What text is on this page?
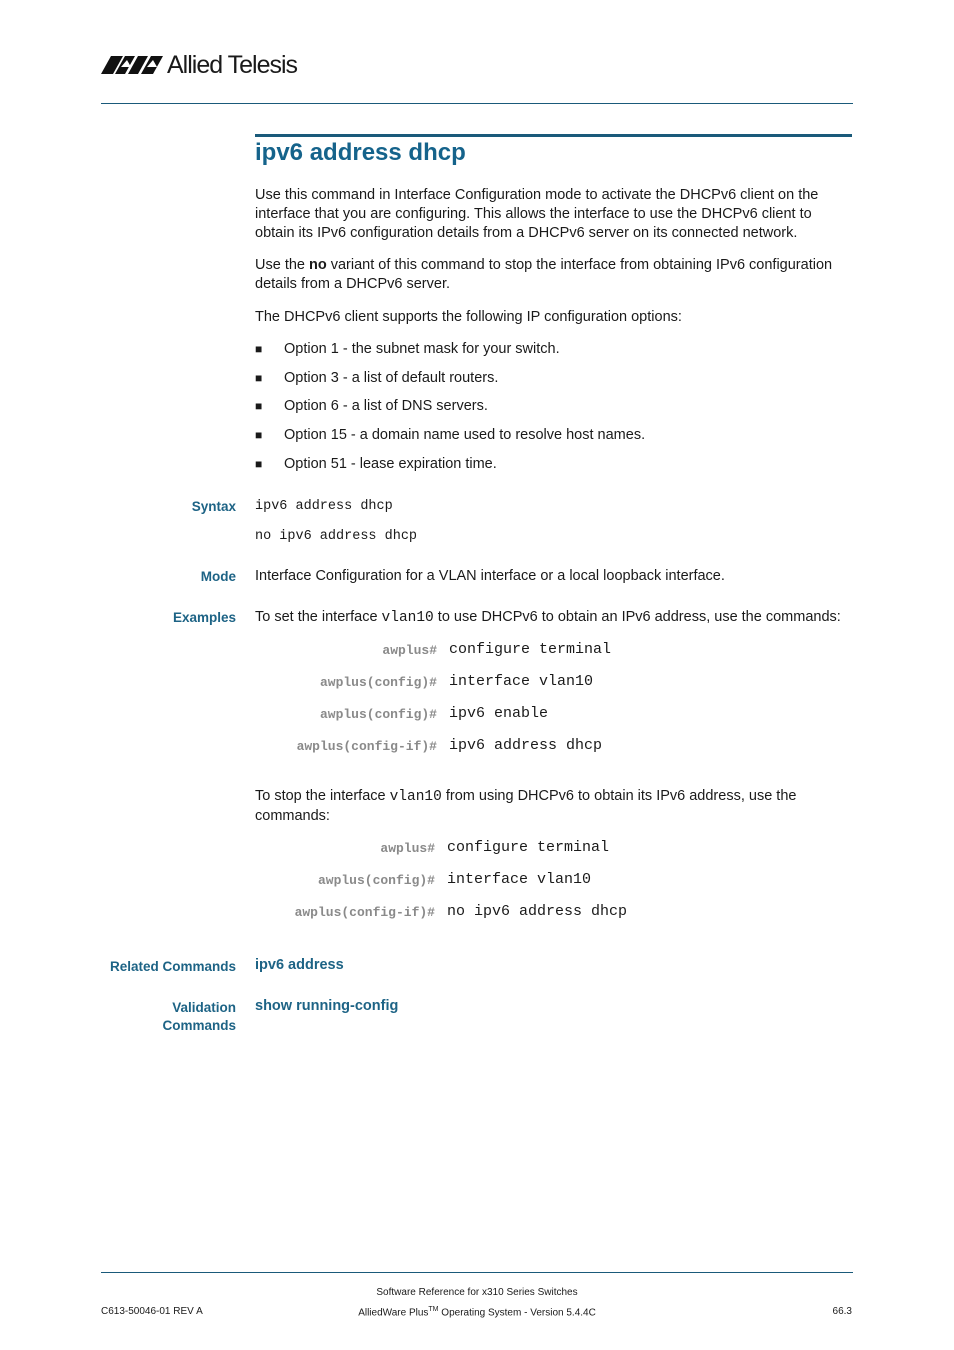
Allied Telesis
ipv6 address dhcp

Use this command in Interface Configuration mode to activate the DHCPv6 client on the interface that you are configuring. This allows the interface to use the DHCPv6 client to obtain its IPv6 configuration details from a DHCPv6 server on its connected network.

Use the no variant of this command to stop the interface from obtaining IPv6 configuration details from a DHCPv6 server.

The DHCPv6 client supports the following IP configuration options:

■	Option 1 - the subnet mask for your switch.
■	Option 3 - a list of default routers.
■	Option 6 - a list of DNS servers.
■	Option 15 - a domain name used to resolve host names.
■	Option 51 - lease expiration time.
Syntax ipv6 address dhcp
no ipv6 address dhcp
Mode Interface Configuration for a VLAN interface or a local loopback interface.

Examples To set the interface vlan10 to use DHCPv6 to obtain an IPv6 address, use the commands:

awplus# configure terminal
awplus(config)# interface vlan10
awplus(config)# ipv6 enable
awplus(config-if)# ipv6 address dhcp

To stop the interface vlan10 from using DHCPv6 to obtain its IPv6 address, use the
commands:

awplus# configure terminal
awplus(config)# interface vlan10
awplus(config-if)# no ipv6 address dhcp
Related Commands ipv6 address
Validation
Commands
show running-config
Software Reference for x310 Series Switches
C613-50046-01 REV A	AlliedWare Plus™ Operating System - Version 5.4.4C	66.3
